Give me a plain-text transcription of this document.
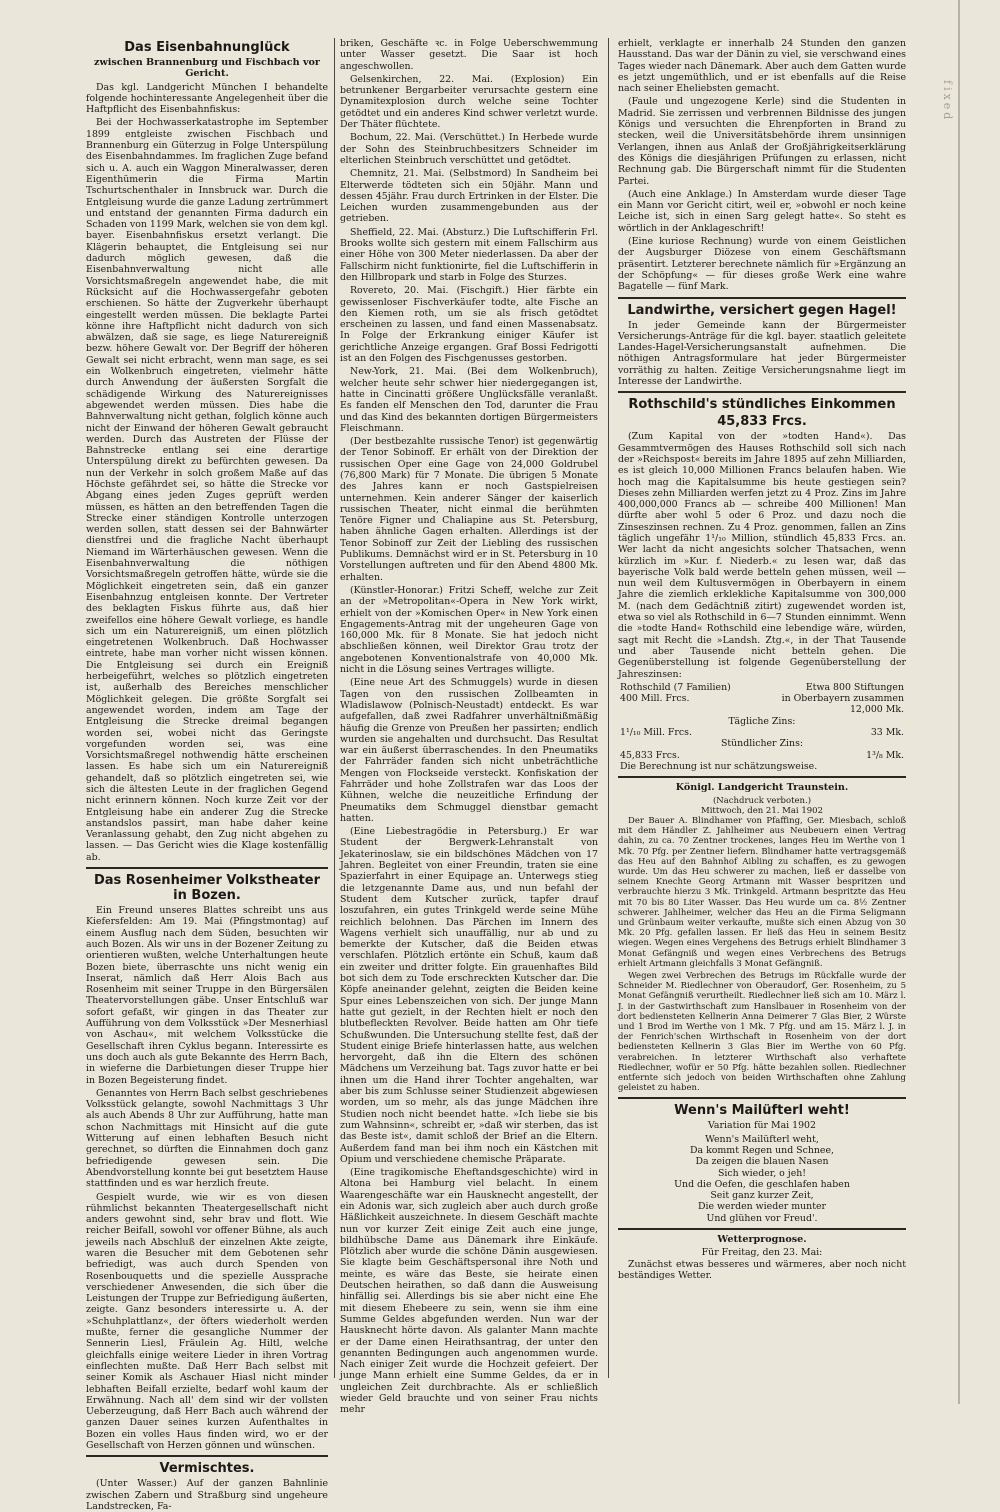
Das Eisenbahnunglück
zwischen Brannenburg und Fischbach vor Gericht.

Das kgl. Landgericht München I behandelte folgende hochinteressante Angelegenheit über die Haftpflicht des Eisenbahnfiskus:

Bei der Hochwasserkatastrophe im September 1899 entgleiste zwischen Fischbach und Brannenburg ein Güterzug in Folge Unterspülung des Eisenbahndammes. Im fraglichen Zuge befand sich u. A. auch ein Waggon Mineralwasser, deren Eigenthümerin die Firma Martin Tschurtschenthaler in Innsbruck war. Durch die Entgleisung wurde die ganze Ladung zertrümmert und entstand der genannten Firma dadurch ein Schaden von 1199 Mark, welchen sie von dem kgl. bayer. Eisenbahnfiskus ersetzt verlangt. Die Klägerin behauptet, die Entgleisung sei nur dadurch möglich gewesen, daß die Eisenbahnverwaltung nicht alle Vorsichtsmaßregeln angewendet habe, die mit Rücksicht auf die Hochwassergefahr geboten erschienen. So hätte der Zugverkehr überhaupt eingestellt werden müssen. Die beklagte Partei könne ihre Haftpflicht nicht dadurch von sich abwälzen, daß sie sage, es liege Naturereigniß bezw. höhere Gewalt vor. Der Begriff der höheren Gewalt sei nicht erbracht, wenn man sage, es sei ein Wolkenbruch eingetreten, vielmehr hätte durch Anwendung der äußersten Sorgfalt die schädigende Wirkung des Naturereignisses abgewendet werden müssen. Dies habe die Bahnverwaltung nicht gethan, folglich könne auch nicht der Einwand der höheren Gewalt gebraucht werden. Durch das Austreten der Flüsse der Bahnstrecke entlang sei eine derartige Unterspülung direkt zu befürchten gewesen. Da nun der Verkehr in solch großem Maße auf das Höchste gefährdet sei, so hätte die Strecke vor Abgang eines jeden Zuges geprüft werden müssen, es hätten an den betreffenden Tagen die Strecke einer ständigen Kontrolle unterzogen werden sollen, statt dessen sei der Bahnwärter dienstfrei und die fragliche Nacht überhaupt Niemand im Wärterhäuschen gewesen. Wenn die Eisenbahnverwaltung die nöthigen Vorsichtsmaßregeln getroffen hätte, würde sie die Möglichkeit eingetreten sein, daß ein ganzer Eisenbahnzug entgleisen konnte. Der Vertreter des beklagten Fiskus führte aus, daß hier zweifellos eine höhere Gewalt vorliege, es handle sich um ein Naturereigniß, um einen plötzlich eingetretenen Wolkenbruch. Daß Hochwasser eintrete, habe man vorher nicht wissen können. Die Entgleisung sei durch ein Ereigniß herbeigeführt, welches so plötzlich eingetreten ist, außerhalb des Bereiches menschlicher Möglichkeit gelegen. Die größte Sorgfalt sei angewendet worden, indem am Tage der Entgleisung die Strecke dreimal begangen worden sei, wobei nicht das Geringste vorgefunden worden sei, was eine Vorsichtsmaßregel nothwendig hätte erscheinen lassen. Es habe sich um ein Naturereigniß gehandelt, daß so plötzlich eingetreten sei, wie sich die ältesten Leute in der fraglichen Gegend nicht erinnern können. Noch kurze Zeit vor der Entgleisung habe ein anderer Zug die Strecke anstandslos passirt, man habe daher keine Veranlassung gehabt, den Zug nicht abgehen zu lassen. — Das Gericht wies die Klage kostenfällig ab.

Das Rosenheimer Volkstheater in Bozen.

Ein Freund unseres Blattes schreibt uns aus Kiefersfelden: Am 19. Mai (Pfingstmontag) auf einem Ausflug nach dem Süden, besuchten wir auch Bozen. Als wir uns in der Bozener Zeitung zu orientieren wußten, welche Unterhaltungen heute Bozen biete, überraschte uns nicht wenig ein Inserat, nämlich daß Herr Alois Bach aus Rosenheim mit seiner Truppe in den Bürgersälen Theatervorstellungen gäbe. Unser Entschluß war sofort gefaßt, wir gingen in das Theater zur Aufführung von dem Volksstück »Der Mesnerhiasl von Aschau«, mit welchem Volksstücke die Gesellschaft ihren Cyklus begann. Interessirte es uns doch auch als gute Bekannte des Herrn Bach, in wieferne die Darbietungen dieser Truppe hier in Bozen Begeisterung findet.

Genanntes von Herrn Bach selbst geschriebenes Volksstück gelangte, sowohl Nachmittags 3 Uhr als auch Abends 8 Uhr zur Aufführung, hatte man schon Nachmittags mit Hinsicht auf die gute Witterung auf einen lebhaften Besuch nicht gerechnet, so dürften die Einnahmen doch ganz befriedigende gewesen sein. Die Abendvorstellung konnte bei gut besetztem Hause stattfinden und es war herzlich freute.

Gespielt wurde, wie wir es von diesen rühmlichst bekannten Theatergesellschaft nicht anders gewohnt sind, sehr brav und flott. Wie reicher Beifall, sowohl vor offener Bühne, als auch jeweils nach Abschluß der einzelnen Akte zeigte, waren die Besucher mit dem Gebotenen sehr befriedigt, was auch durch Spenden von Rosenbouquetts und die spezielle Aussprache verschiedener Anwesenden, die sich über die Leistungen der Truppe zur Befriedigung äußerten, zeigte. Ganz besonders interessirte u. A. der »Schuhplattlanz«, der öfters wiederholt werden mußte, ferner die gesangliche Nummer der Sennerin Liesl, Fräulein Ag. Hiltl, welche gleichfalls einige weitere Lieder in ihren Vortrag einflechten mußte. Daß Herr Bach selbst mit seiner Komik als Aschauer Hiasl nicht minder lebhaften Beifall erzielte, bedarf wohl kaum der Erwähnung. Nach all' dem sind wir der vollsten Ueberzeugung, daß Herr Bach auch während der ganzen Dauer seines kurzen Aufenthaltes in Bozen ein volles Haus finden wird, wo er der Gesellschaft von Herzen gönnen und wünschen.

Vermischtes.

(Unter Wasser.) Auf der ganzen Bahnlinie zwischen Zabern und Straßburg sind ungeheure Landstrecken, Fa-

briken, Geschäfte ꝛc. in Folge Ueberschwemmung unter Wasser gesetzt. Die Saar ist hoch angeschwollen.

Gelsenkirchen, 22. Mai. (Explosion) Ein betrunkener Bergarbeiter verursachte gestern eine Dynamitexplosion durch welche seine Tochter getödtet und ein anderes Kind schwer verletzt wurde. Der Thäter flüchtete.

Bochum, 22. Mai. (Verschüttet.) In Herbede wurde der Sohn des Steinbruchbesitzers Schneider im elterlichen Steinbruch verschüttet und getödtet.

Chemnitz, 21. Mai. (Selbstmord) In Sandheim bei Elterwerde tödteten sich ein 50jähr. Mann und dessen 45jähr. Frau durch Ertrinken in der Elster. Die Leichen wurden zusammengebunden aus der getrieben.

Sheffield, 22. Mai. (Absturz.) Die Luftschifferin Frl. Brooks wollte sich gestern mit einem Fallschirm aus einer Höhe von 300 Meter niederlassen. Da aber der Fallschirm nicht funktionirte, fiel die Luftschifferin in den Hillbropark und starb in Folge des Sturzes.

Rovereto, 20. Mai. (Fischgift.) Hier färbte ein gewissenloser Fischverkäufer todte, alte Fische an den Kiemen roth, um sie als frisch getödtet erscheinen zu lassen, und fand einen Massenabsatz. In Folge der Erkrankung einiger Käufer ist gerichtliche Anzeige ergangen. Graf Bossi Fedrigotti ist an den Folgen des Fischgenusses gestorben.

New-York, 21. Mai. (Bei dem Wolkenbruch), welcher heute sehr schwer hier niedergegangen ist, hatte in Cincinatti größere Unglücksfälle veranlaßt. Es fanden elf Menschen den Tod, darunter die Frau und das Kind des bekannten dortigen Bürgermeisters Fleischmann.

(Der bestbezahlte russische Tenor) ist gegenwärtig der Tenor Sobinoff. Er erhält von der Direktion der russischen Oper eine Gage von 24,000 Goldrubel (76,800 Mark) für 7 Monate. Die übrigen 5 Monate des Jahres kann er noch Gastspielreisen unternehmen. Kein anderer Sänger der kaiserlich russischen Theater, nicht einmal die berühmten Tenöre Figner und Chaliapine aus St. Petersburg, haben ähnliche Gagen erhalten. Allerdings ist der Tenor Sobinoff zur Zeit der Liebling des russischen Publikums. Demnächst wird er in St. Petersburg in 10 Vorstellungen auftreten und für den Abend 4800 Mk. erhalten.

(Künstler-Honorar.) Fritzi Scheff, welche zur Zeit an der »Metropolitan«-Opera in New York wirkt, erhielt von der »Komischen Oper« in New York einen Engagements-Antrag mit der ungeheuren Gage von 160,000 Mk. für 8 Monate. Sie hat jedoch nicht abschließen können, weil Direktor Grau trotz der angebotenen Konventionalstrafe von 40,000 Mk. nicht in die Lösung seines Vertrages willigte.

(Eine neue Art des Schmuggels) wurde in diesen Tagen von den russischen Zollbeamten in Wladislawow (Polnisch-Neustadt) entdeckt. Es war aufgefallen, daß zwei Radfahrer unverhältnißmäßig häufig die Grenze von Preußen her passirten; endlich wurden sie angehalten und durchsucht. Das Resultat war ein äußerst überraschendes. In den Pneumatiks der Fahrräder fanden sich nicht unbeträchtliche Mengen von Flockseide versteckt. Konfiskation der Fahrräder und hohe Zollstrafen war das Loos der Kühnen, welche die neuzeitliche Erfindung der Pneumatiks dem Schmuggel dienstbar gemacht hatten.

(Eine Liebestragödie in Petersburg.) Er war Student der Bergwerk-Lehranstalt von Jekaterinoslaw, sie ein bildschönes Mädchen von 17 Jahren. Begleitet von einer Freundin, traten sie eine Spazierfahrt in einer Equipage an. Unterwegs stieg die letzgenannte Dame aus, und nun befahl der Student dem Kutscher zurück, tapfer drauf loszufahren, ein gutes Trinkgeld werde seine Mühe reichlich belohnen. Das Pärchen im Innern des Wagens verhielt sich unauffällig, nur ab und zu bemerkte der Kutscher, daß die Beiden etwas verschlafen. Plötzlich ertönte ein Schuß, kaum daß ein zweiter und dritter folgte. Ein grauenhaftes Bild bot sich dem zu Tode erschreckten Kutscher dar. Die Köpfe aneinander gelehnt, zeigten die Beiden keine Spur eines Lebenszeichen von sich. Der junge Mann hatte gut gezielt, in der Rechten hielt er noch den blutbefleckten Revolver. Beide hatten am Ohr tiefe Schußwunden. Die Untersuchung stellte fest, daß der Student einige Briefe hinterlassen hatte, aus welchen hervorgeht, daß ihn die Eltern des schönen Mädchens um Verzeihung bat. Tags zuvor hatte er bei ihnen um die Hand ihrer Tochter angehalten, war aber bis zum Schlusse seiner Studienzeit abgewiesen worden, um so mehr, als das junge Mädchen ihre Studien noch nicht beendet hatte. »Ich liebe sie bis zum Wahnsinn«, schreibt er, »daß wir sterben, das ist das Beste ist«, damit schloß der Brief an die Eltern. Außerdem fand man bei ihm noch ein Kästchen mit Opium und verschiedene chemische Präparate.

(Eine tragikomische Eheftandsgeschichte) wird in Altona bei Hamburg viel belacht. In einem Waarengeschäfte war ein Hausknecht angestellt, der ein Adonis war, sich zugleich aber auch durch große Häßlichkeit auszeichnete. In diesem Geschäft machte nun vor kurzer Zeit einige Zeit auch eine junge, bildhübsche Dame aus Dänemark ihre Einkäufe. Plötzlich aber wurde die schöne Dänin ausgewiesen. Sie klagte beim Geschäftspersonal ihre Noth und meinte, es wäre das Beste, sie heirate einen Deutschen heirathen, so daß dann die Ausweisung hinfällig sei. Allerdings bis sie aber nicht eine Ehe mit diesem Ehebeere zu sein, wenn sie ihm eine Summe Geldes abgefunden werden. Nun war der Hausknecht hörte davon. Als galanter Mann machte er der Dame einen Heirathsantrag, der unter den genannten Bedingungen auch angenommen wurde. Nach einiger Zeit wurde die Hochzeit gefeiert. Der junge Mann erhielt eine Summe Geldes, da er in ungleichen Zeit durchbrachte. Als er schließlich wieder Geld brauchte und von seiner Frau nichts mehr

erhielt, verklagte er innerhalb 24 Stunden den ganzen Hausstand. Das war der Dänin zu viel, sie verschwand eines Tages wieder nach Dänemark. Aber auch dem Gatten wurde es jetzt ungemüthlich, und er ist ebenfalls auf die Reise nach seiner Eheliebsten gemacht.

(Faule und ungezogene Kerle) sind die Studenten in Madrid. Sie zerrissen und verbrennen Bildnisse des jungen Königs und versuchten die Ehrenpforten in Brand zu stecken, weil die Universitätsbehörde ihrem unsinnigen Verlangen, ihnen aus Anlaß der Großjährigkeitserklärung des Königs die diesjährigen Prüfungen zu erlassen, nicht Rechnung gab. Die Bürgerschaft nimmt für die Studenten Partei.

(Auch eine Anklage.) In Amsterdam wurde dieser Tage ein Mann vor Gericht citirt, weil er, »obwohl er noch keine Leiche ist, sich in einen Sarg gelegt hatte«. So steht es wörtlich in der Anklageschrift!

(Eine kuriose Rechnung) wurde von einem Geistlichen der Augsburger Diözese von einem Geschäftsmann präsentirt. Letzterer berechnete nämlich für »Ergänzung an der Schöpfung« — für dieses große Werk eine wahre Bagatelle — fünf Mark.

Landwirthe, versichert gegen Hagel!

In jeder Gemeinde kann der Bürgermeister Versicherungs-Anträge für die kgl. bayer. staatlich geleitete Landes-Hagel-Versicherungsanstalt aufnehmen. Die nöthigen Antragsformulare hat jeder Bürgermeister vorräthig zu halten. Zeitige Versicherungsnahme liegt im Interesse der Landwirthe.

Rothschild's stündliches Einkommen
45,833 Frcs.

(Zum Kapital von der »todten Hand«). Das Gesammtvermögen des Hauses Rothschild soll sich nach der »Reichspost« bereits im Jahre 1895 auf zehn Milliarden, es ist gleich 10,000 Millionen Francs belaufen haben. Wie hoch mag die Kapitalsumme bis heute gestiegen sein? Dieses zehn Milliarden werfen jetzt zu 4 Proz. Zins im Jahre 400,000,000 Francs ab — schreibe 400 Millionen! Man dürfte aber wohl 5 oder 6 Proz. und dazu noch die Zinseszinsen rechnen. Zu 4 Proz. genommen, fallen an Zins täglich ungefähr 1¹/₁₀ Million, stündlich 45,833 Frcs. an. Wer lacht da nicht angesichts solcher Thatsachen, wenn kürzlich im »Kur. f. Niederb.« zu lesen war, daß das bayerische Volk bald werde betteln gehen müssen, weil — nun weil dem Kultusvermögen in Oberbayern in einem Jahre die ziemlich erklekliche Kapitalsumme von 300,000 M. (nach dem Gedächtniß zitirt) zugewendet worden ist, etwa so viel als Rothschild in 6—7 Stunden einnimmt. Wenn die »todte Hand« Rothschild eine lebendige wäre, würden, sagt mit Recht die »Landsh. Ztg.«, in der That Tausende und aber Tausende nicht betteln gehen. Die Gegenüberstellung ist folgende Gegenüberstellung der Jahreszinsen:

Rothschild (7 Familien)	Etwa 800 Stiftungen
400 Mill. Frcs.	in Oberbayern zusammen
	12,000 Mk.
Tägliche Zins:	
1¹/₁₀ Mill. Frcs.	33 Mk.
Stündlicher Zins:	
45,833 Frcs.	1³/₈ Mk.
Die Berechnung ist nur schätzungsweise.	
Königl. Landgericht Traunstein.
(Nachdruck verboten.)
Mittwoch, den 21. Mai 1902

Der Bauer A. Blindhamer von Pfaffing, Ger. Miesbach, schloß mit dem Händler Z. Jahlheimer aus Neubeuern einen Vertrag dahin, zu ca. 70 Zentner trockenes, langes Heu im Werthe von 1 Mk. 70 Pfg. per Zentner liefern. Blindhamer hatte vertragsgemäß das Heu auf den Bahnhof Aibling zu schaffen, es zu gewogen wurde. Um das Heu schwerer zu machen, ließ er dasselbe von seinem Knechte Georg Artmann mit Wasser bespritzen und verbrauchte hierzu 3 Mk. Trinkgeld. Artmann bespritzte das Heu mit 70 bis 80 Liter Wasser. Das Heu wurde um ca. 8½ Zentner schwerer. Jahlheimer, welcher das Heu an die Firma Seligmann und Grünbaum weiter verkaufte, mußte sich einen Abzug von 30 Mk. 20 Pfg. gefallen lassen. Er ließ das Heu in seinem Besitz wiegen. Wegen eines Vergehens des Betrugs erhielt Blindhamer 3 Monat Gefängniß und wegen eines Verbrechens des Betrugs erhielt Artmann gleichfalls 3 Monat Gefängniß.

Wegen zwei Verbrechen des Betrugs im Rückfalle wurde der Schneider M. Riedlechner von Oberaudorf, Ger. Rosenheim, zu 5 Monat Gefängniß verurtheilt. Riedlechner ließ sich am 10. März l. J. in der Gastwirthschaft zum Hanslbauer in Rosenheim von der dort bediensteten Kellnerin Anna Deimerer 7 Glas Bier, 2 Würste und 1 Brod im Werthe von 1 Mk. 7 Pfg. und am 15. März l. J. in der Fenrich'schen Wirthschaft in Rosenheim von der dort bediensteten Kellnerin 3 Glas Bier im Werthe von 60 Pfg. verabreichen. In letzterer Wirthschaft also verhaftete Riedlechner, wofür er 50 Pfg. hätte bezahlen sollen. Riedlechner entfernte sich jedoch von beiden Wirthschaften ohne Zahlung geleistet zu haben.

Wenn's Mailüfterl weht!
Variation für Mai 1902
Wenn's Mailüfterl weht,
Da kommt Regen und Schnee,
Da zeigen die blauen Nasen
Sich wieder, o jeh!
Und die Oefen, die geschlafen haben
Seit ganz kurzer Zeit,
Die werden wieder munter
Und glühen vor Freud'.
Wetterprognose.
Für Freitag, den 23. Mai:

Zunächst etwas besseres und wärmeres, aber noch nicht beständiges Wetter.

fixed
